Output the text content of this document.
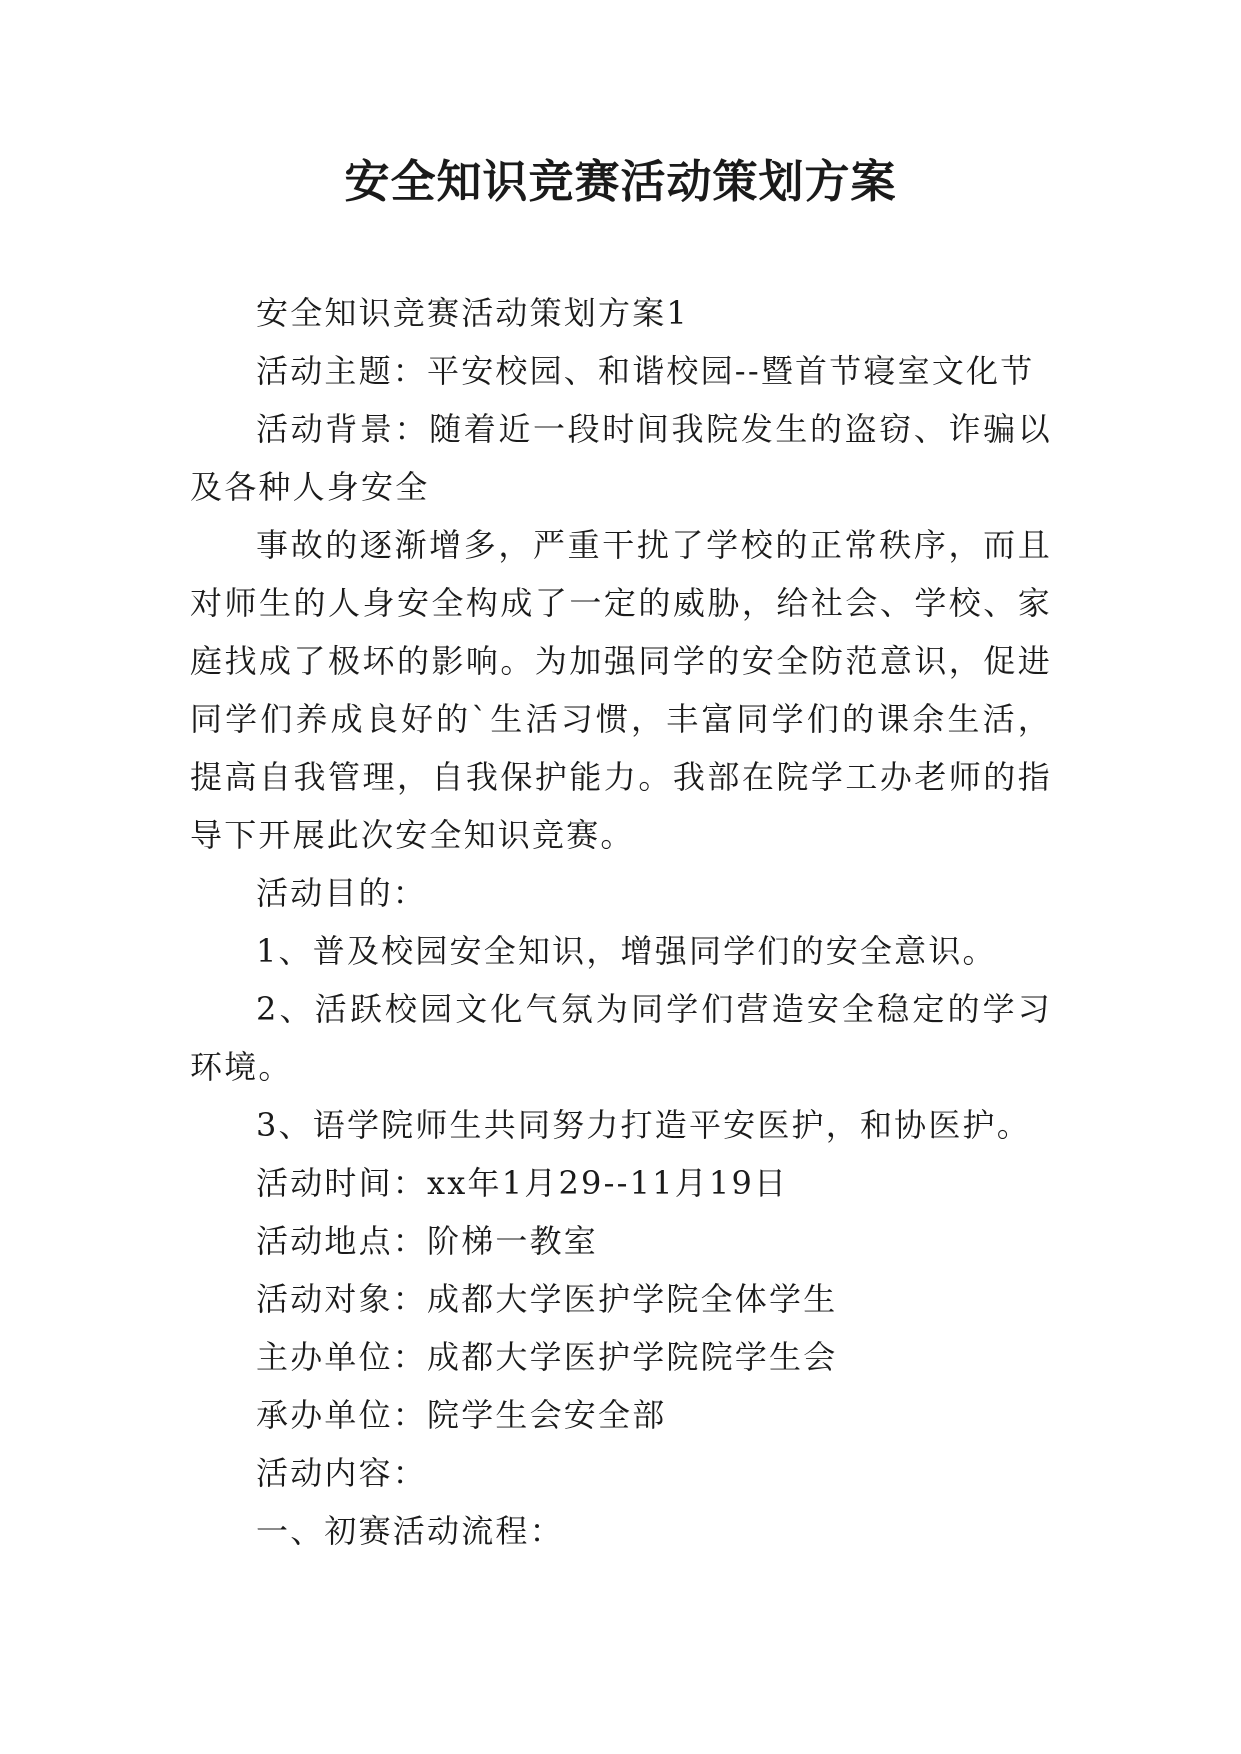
安全知识竞赛活动策划方案

安全知识竞赛活动策划方案1

活动主题：平安校园、和谐校园--暨首节寝室文化节

活动背景：随着近一段时间我院发生的盗窃、诈骗以及各种人身安全

事故的逐渐增多，严重干扰了学校的正常秩序，而且对师生的人身安全构成了一定的威胁，给社会、学校、家庭找成了极坏的影响。为加强同学的安全防范意识，促进同学们养成良好的`生活习惯，丰富同学们的课余生活，提高自我管理，自我保护能力。我部在院学工办老师的指导下开展此次安全知识竞赛。

活动目的：

1、普及校园安全知识，增强同学们的安全意识。

2、活跃校园文化气氛为同学们营造安全稳定的学习环境。

3、语学院师生共同努力打造平安医护，和协医护。

活动时间：xx年1月29--11月19日

活动地点：阶梯一教室

活动对象：成都大学医护学院全体学生

主办单位：成都大学医护学院院学生会

承办单位：院学生会安全部

活动内容：

一、初赛活动流程：
